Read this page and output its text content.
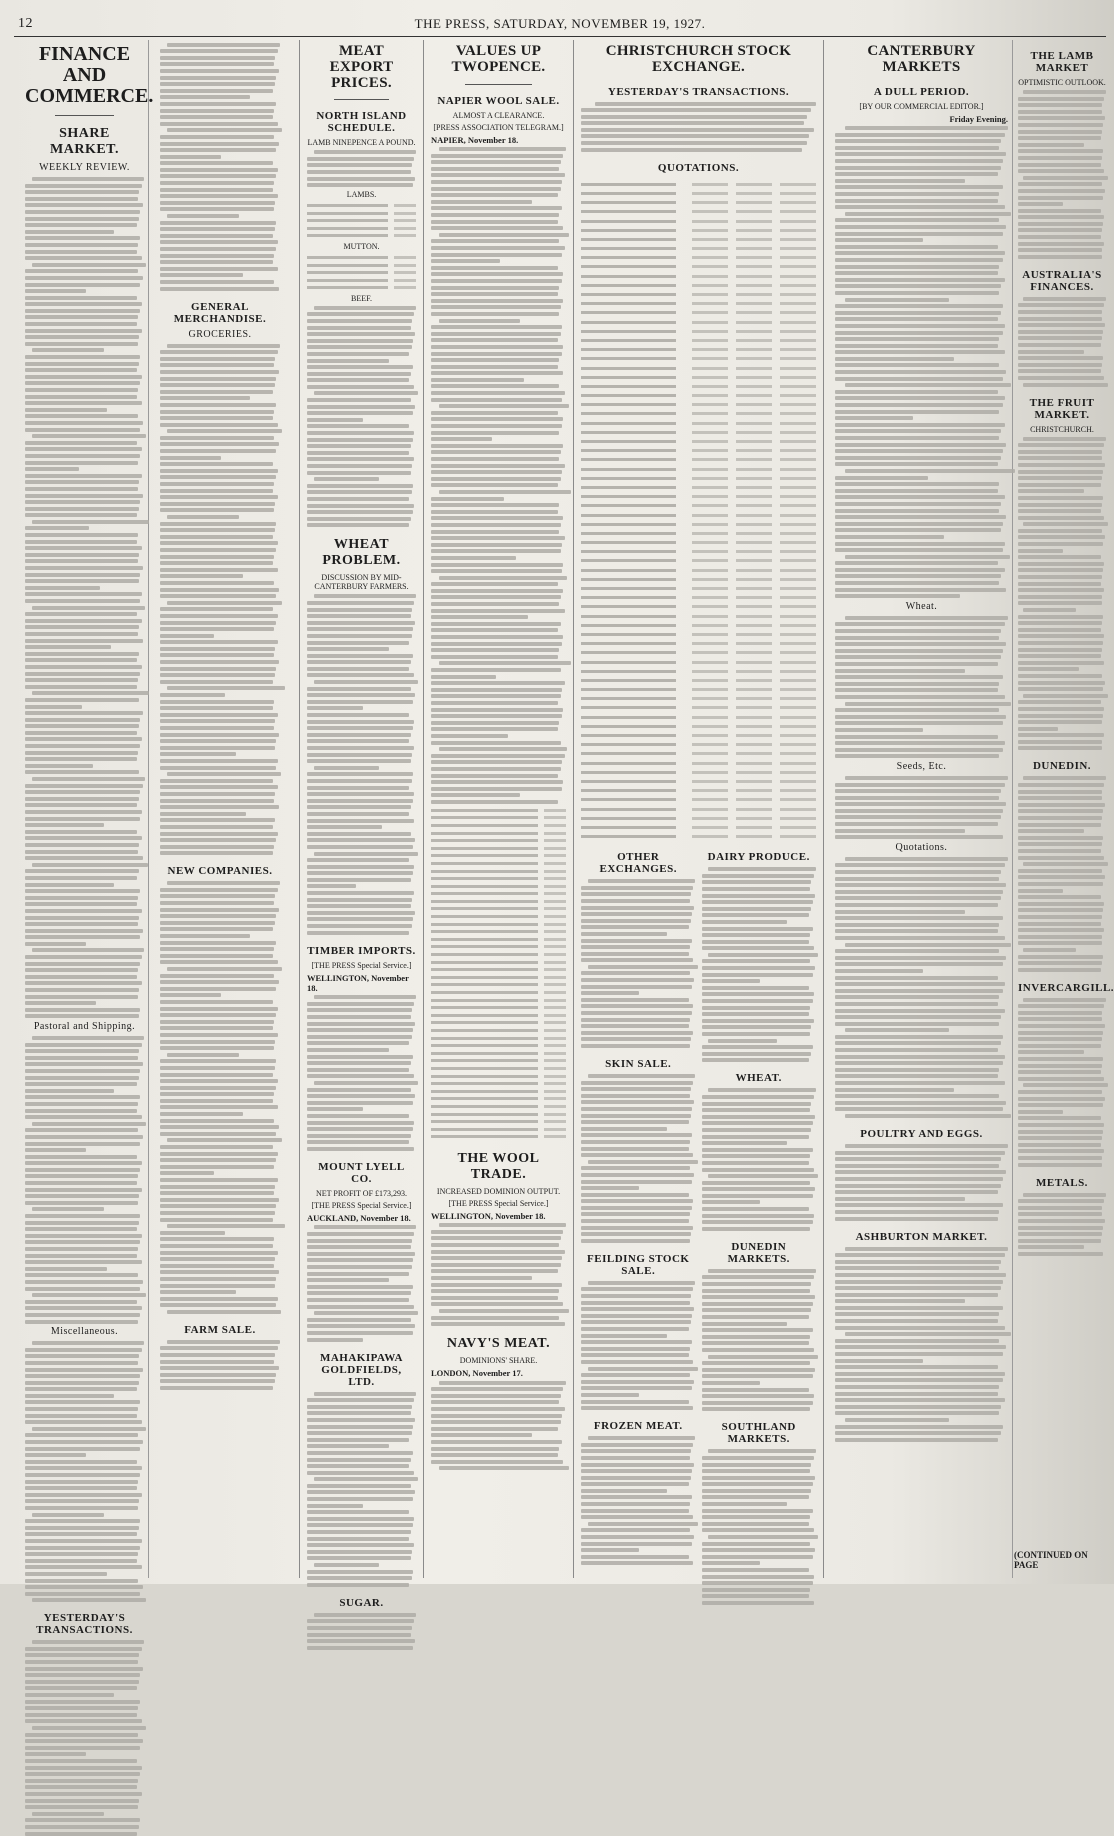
12	THE PRESS, SATURDAY, NOVEMBER 19, 1927.
FINANCE AND COMMERCE.
SHARE MARKET.
WEEKLY REVIEW.
Pastoral and Shipping.
Miscellaneous.
YESTERDAY'S TRANSACTIONS.
GENERAL MERCHANDISE.
GROCERIES.
NEW COMPANIES.
FARM SALE.
MEAT EXPORT PRICES.
NORTH ISLAND SCHEDULE.
LAMB NINEPENCE A POUND.
LAMBS.
MUTTON.
BEEF.
WHEAT PROBLEM.
DISCUSSION BY MID-CANTERBURY FARMERS.
TIMBER IMPORTS.
[THE PRESS Special Service.]
WELLINGTON, November 18.
MOUNT LYELL CO.
NET PROFIT OF £173,293.
[THE PRESS Special Service.]
AUCKLAND, November 18.
MAHAKIPAWA GOLDFIELDS, LTD.
SUGAR.
VALUES UP TWOPENCE.
NAPIER WOOL SALE.
ALMOST A CLEARANCE.
[PRESS ASSOCIATION TELEGRAM.]
NAPIER, November 18.
THE WOOL TRADE.
INCREASED DOMINION OUTPUT.
[THE PRESS Special Service.]
WELLINGTON, November 18.
NAVY'S MEAT.
DOMINIONS' SHARE.
LONDON, November 17.
CHRISTCHURCH STOCK EXCHANGE.
YESTERDAY'S TRANSACTIONS.
QUOTATIONS.
OTHER EXCHANGES.
SKIN SALE.
FEILDING STOCK SALE.
FROZEN MEAT.
DAIRY PRODUCE.
WHEAT.
DUNEDIN MARKETS.
SOUTHLAND MARKETS.
CANTERBURY MARKETS
A DULL PERIOD.
[BY OUR COMMERCIAL EDITOR.]
Friday Evening.
Wheat.
Seeds, Etc.
Quotations.
POULTRY AND EGGS.
ASHBURTON MARKET.
THE LAMB MARKET
OPTIMISTIC OUTLOOK.
AUSTRALIA'S FINANCES.
THE FRUIT MARKET.
CHRISTCHURCH.
DUNEDIN.
INVERCARGILL.
METALS.
(CONTINUED ON PAGE
